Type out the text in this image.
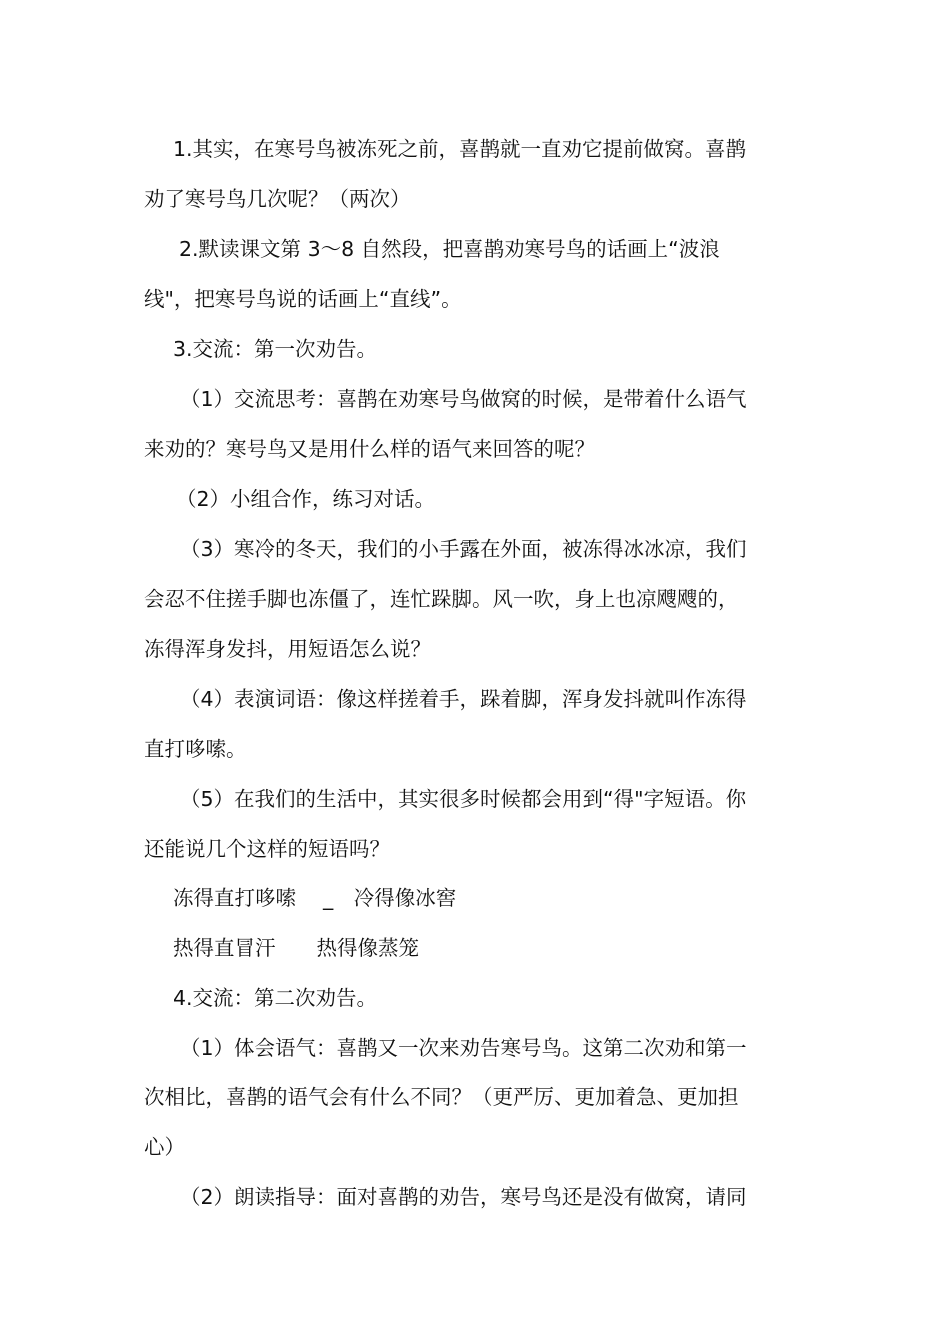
1.其实，在寒号鸟被冻死之前，喜鹊就一直劝它提前做窝。喜鹊
劝了寒号鸟几次呢？（两次）
2.默读课文第 3～8 自然段，把喜鹊劝寒号鸟的话画上“波浪
线"，把寒号鸟说的话画上“直线”。
3.交流：第一次劝告。
（1）交流思考：喜鹊在劝寒号鸟做窝的时候，是带着什么语气
来劝的？寒号鸟又是用什么样的语气来回答的呢？
（2）小组合作，练习对话。
（3）寒冷的冬天，我们的小手露在外面，被冻得冰冰凉，我们
会忍不住搓手脚也冻僵了，连忙跺脚。风一吹，身上也凉飕飕的，
冻得浑身发抖，用短语怎么说？
（4）表演词语：像这样搓着手，跺着脚，浑身发抖就叫作冻得
直打哆嗦。
（5）在我们的生活中，其实很多时候都会用到“得"字短语。你
还能说几个这样的短语吗？
冻得直打哆嗦　 _　冷得像冰窖
热得直冒汗　　热得像蒸笼
4.交流：第二次劝告。
（1）体会语气：喜鹊又一次来劝告寒号鸟。这第二次劝和第一
次相比，喜鹊的语气会有什么不同？（更严厉、更加着急、更加担
心）
（2）朗读指导：面对喜鹊的劝告，寒号鸟还是没有做窝，请同
